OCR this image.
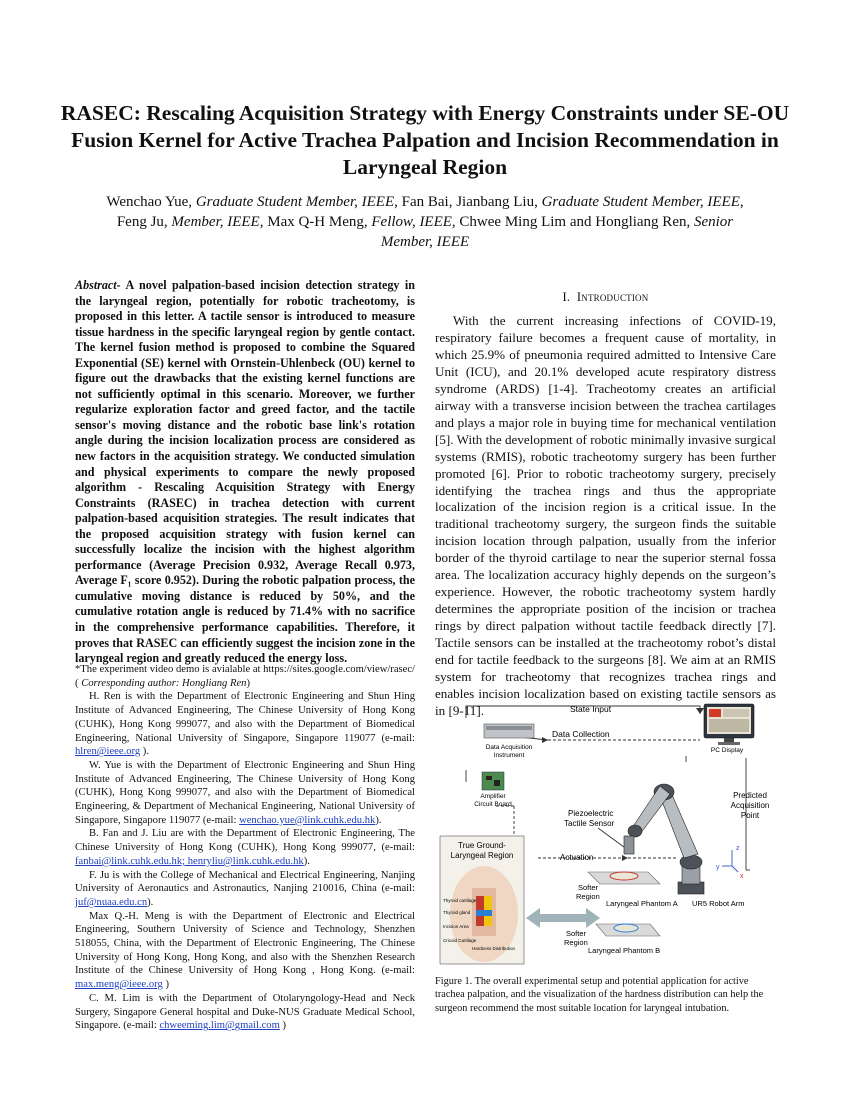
RASEC: Rescaling Acquisition Strategy with Energy Constraints under SE-OU Fusion Kernel for Active Trachea Palpation and Incision Recommendation in Laryngeal Region
Wenchao Yue, Graduate Student Member, IEEE, Fan Bai, Jianbang Liu, Graduate Student Member, IEEE, Feng Ju, Member, IEEE, Max Q-H Meng, Fellow, IEEE, Chwee Ming Lim and Hongliang Ren, Senior Member, IEEE
Abstract- A novel palpation-based incision detection strategy in the laryngeal region, potentially for robotic tracheotomy, is proposed in this letter. A tactile sensor is introduced to measure tissue hardness in the specific laryngeal region by gentle contact. The kernel fusion method is proposed to combine the Squared Exponential (SE) kernel with Ornstein-Uhlenbeck (OU) kernel to figure out the drawbacks that the existing kernel functions are not sufficiently optimal in this scenario. Moreover, we further regularize exploration factor and greed factor, and the tactile sensor's moving distance and the robotic base link's rotation angle during the incision localization process are considered as new factors in the acquisition strategy. We conducted simulation and physical experiments to compare the newly proposed algorithm - Rescaling Acquisition Strategy with Energy Constraints (RASEC) in trachea detection with current palpation-based acquisition strategies. The result indicates that the proposed acquisition strategy with fusion kernel can successfully localize the incision with the highest algorithm performance (Average Precision 0.932, Average Recall 0.973, Average F₁ score 0.952). During the robotic palpation process, the cumulative moving distance is reduced by 50%, and the cumulative rotation angle is reduced by 71.4% with no sacrifice in the comprehensive performance capabilities. Therefore, it proves that RASEC can efficiently suggest the incision zone in the laryngeal region and greatly reduced the energy loss.

*The experiment video demo is avialable at https://sites.google.com/view/rasec/ ( Corresponding author: Hongliang Ren)

H. Ren is with the Department of Electronic Engineering and Shun Hing Institute of Advanced Engineering, The Chinese University of Hong Kong (CUHK), Hong Kong 999077, and also with the Department of Biomedical Engineering, National University of Singapore, Singapore 119077 (e-mail: hlren@ieee.org ).

W. Yue is with the Department of Electronic Engineering and Shun Hing Institute of Advanced Engineering, The Chinese University of Hong Kong (CUHK), Hong Kong 999077, and also with the Department of Biomedical Engineering, & Department of Mechanical Engineering, National University of Singapore, Singapore 119077 (e-mail: wenchao.yue@link.cuhk.edu.hk).

B. Fan and J. Liu are with the Department of Electronic Engineering, The Chinese University of Hong Kong (CUHK), Hong Kong 999077, (e-mail: fanbai@link.cuhk.edu.hk; henryliu@link.cuhk.edu.hk).

F. Ju is with the College of Mechanical and Electrical Engineering, Nanjing University of Aeronautics and Astronautics, Nanjing 210016, China (e-mail: juf@nuaa.edu.cn).

Max Q.-H. Meng is with the Department of Electronic and Electrical Engineering, Southern University of Science and Technology, Shenzhen 518055, China, with the Department of Electronic Engineering, The Chinese University of Hong Kong, Hong Kong, and also with the Shenzhen Research Institute of the Chinese University of Hong Kong , Hong Kong. (e-mail: max.meng@ieee.org )

C. M. Lim is with the Department of Otolaryngology-Head and Neck Surgery, Singapore General hospital and Duke-NUS Graduate Medical School, Singapore. (e-mail: chweeming.lim@gmail.com )

I. Introduction

With the current increasing infections of COVID-19, respiratory failure becomes a frequent cause of mortality, in which 25.9% of pneumonia required admitted to Intensive Care Unit (ICU), and 20.1% developed acute respiratory distress syndrome (ARDS) [1-4]. Tracheotomy creates an artificial airway with a transverse incision between the trachea cartilages and plays a major role in buying time for mechanical ventilation [5]. With the development of robotic minimally invasive surgical systems (RMIS), robotic tracheotomy surgery has been further promoted [6]. Prior to robotic tracheotomy surgery, precisely identifying the trachea rings and thus the appropriate localization of the incision region is a critical issue. In the traditional tracheotomy surgery, the surgeon finds the suitable incision location through palpation, usually from the inferior border of the thyroid cartilage to near the superior sternal fossa area. The localization accuracy highly depends on the surgeon’s experience. However, the robotic tracheotomy system hardly determines the appropriate position of the incision or trachea rings by direct palpation without tactile feedback directly [7]. Tactile sensors can be installed at the tracheotomy robot’s distal end for tactile feedback to the surgeons [8]. We aim at an RMIS system for tracheotomy that recognizes trachea rings and enables incision localization based on existing tactile sensors as in [9-11].	State Input
Data Collection
Data Acquisition
Instrument
Amplifier
Circuit Board
PC Display
Predicted
Acquisition
Point
Piezoelectric
Tactile Sensor
Actuation
Softer
Region
Laryngeal Phantom A
Softer
Region
Laryngeal Phantom B
UR5 Robot Arm
z
y
x
True Ground-
Laryngeal Region
Thyroid cartilage
Thyroid gland
Incision Area
Cricoid Cartilage
Hardness Distribution
Figure 1. The overall experimental setup and potential application for active trachea palpation, and the visualization of the hardness distribution can help the surgeon recommend the most suitable location for laryngeal intubation.
